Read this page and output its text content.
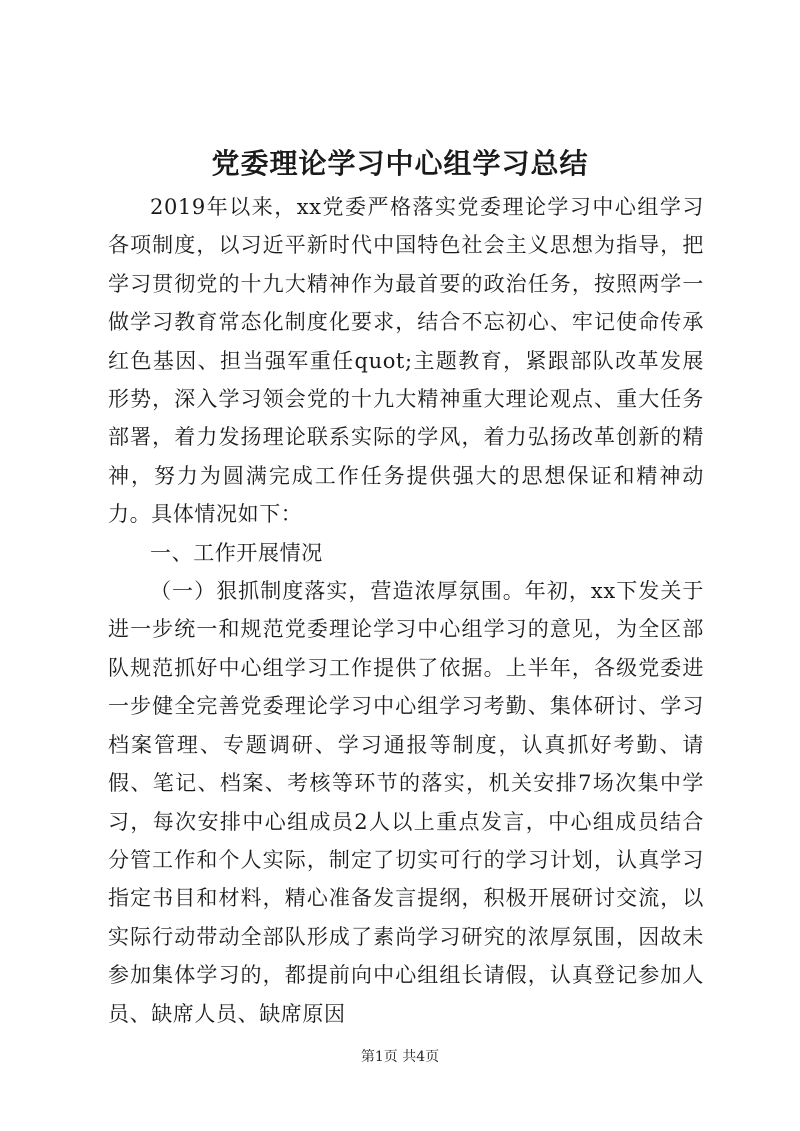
党委理论学习中心组学习总结

2019年以来，xx党委严格落实党委理论学习中心组学习各项制度，以习近平新时代中国特色社会主义思想为指导，把学习贯彻党的十九大精神作为最首要的政治任务，按照两学一做学习教育常态化制度化要求，结合不忘初心、牢记使命传承红色基因、担当强军重任quot;主题教育，紧跟部队改革发展形势，深入学习领会党的十九大精神重大理论观点、重大任务部署，着力发扬理论联系实际的学风，着力弘扬改革创新的精神，努力为圆满完成工作任务提供强大的思想保证和精神动力。具体情况如下：

一、工作开展情况

（一）狠抓制度落实，营造浓厚氛围。年初，xx下发关于进一步统一和规范党委理论学习中心组学习的意见，为全区部队规范抓好中心组学习工作提供了依据。上半年，各级党委进一步健全完善党委理论学习中心组学习考勤、集体研讨、学习档案管理、专题调研、学习通报等制度，认真抓好考勤、请假、笔记、档案、考核等环节的落实，机关安排7场次集中学习，每次安排中心组成员2人以上重点发言，中心组成员结合分管工作和个人实际，制定了切实可行的学习计划，认真学习指定书目和材料，精心准备发言提纲，积极开展研讨交流，以实际行动带动全部队形成了素尚学习研究的浓厚氛围，因故未参加集体学习的，都提前向中心组组长请假，认真登记参加人员、缺席人员、缺席原因

第1页 共4页
